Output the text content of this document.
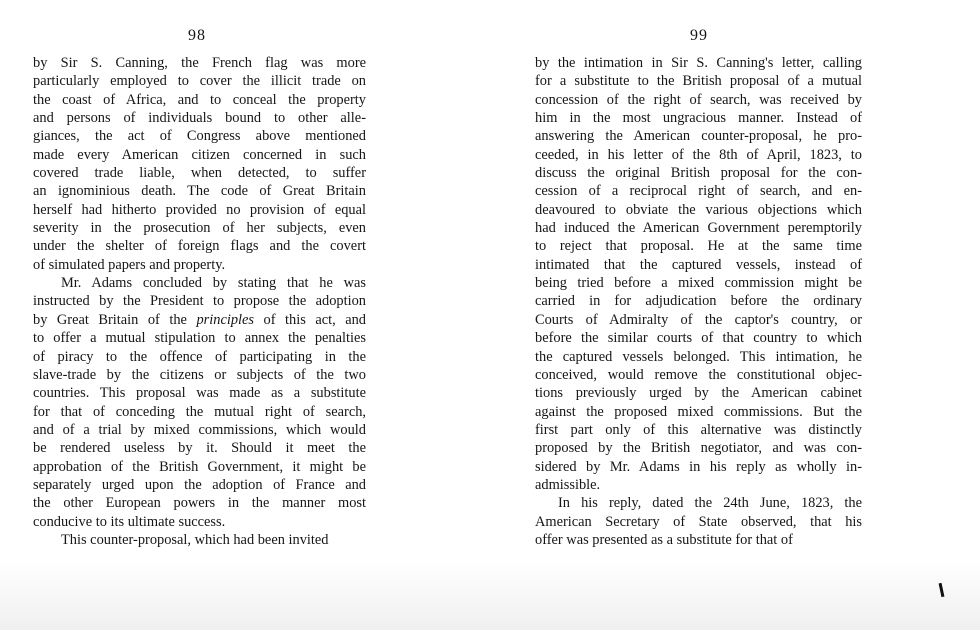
98	99
by Sir S. Canning, the French flag was more
particularly employed to cover the illicit trade on
the coast of Africa, and to conceal the property
and persons of individuals bound to other alle-
giances, the act of Congress above mentioned
made every American citizen concerned in such
covered trade liable, when detected, to suffer
an ignominious death. The code of Great Britain
herself had hitherto provided no provision of equal
severity in the prosecution of her subjects, even
under the shelter of foreign flags and the covert
of simulated papers and property.
Mr. Adams concluded by stating that he was
instructed by the President to propose the adoption
by Great Britain of the principles of this act, and
to offer a mutual stipulation to annex the penalties
of piracy to the offence of participating in the
slave-trade by the citizens or subjects of the two
countries. This proposal was made as a substitute
for that of conceding the mutual right of search,
and of a trial by mixed commissions, which would
be rendered useless by it. Should it meet the
approbation of the British Government, it might be
separately urged upon the adoption of France and
the other European powers in the manner most
conducive to its ultimate success.
This counter-proposal, which had been invited
by the intimation in Sir S. Canning's letter, calling
for a substitute to the British proposal of a mutual
concession of the right of search, was received by
him in the most ungracious manner. Instead of
answering the American counter-proposal, he pro-
ceeded, in his letter of the 8th of April, 1823, to
discuss the original British proposal for the con-
cession of a reciprocal right of search, and en-
deavoured to obviate the various objections which
had induced the American Government peremptorily
to reject that proposal. He at the same time
intimated that the captured vessels, instead of
being tried before a mixed commission might be
carried in for adjudication before the ordinary
Courts of Admiralty of the captor's country, or
before the similar courts of that country to which
the captured vessels belonged. This intimation, he
conceived, would remove the constitutional objec-
tions previously urged by the American cabinet
against the proposed mixed commissions. But the
first part only of this alternative was distinctly
proposed by the British negotiator, and was con-
sidered by Mr. Adams in his reply as wholly in-
admissible.
In his reply, dated the 24th June, 1823, the
American Secretary of State observed, that his
offer was presented as a substitute for that of
